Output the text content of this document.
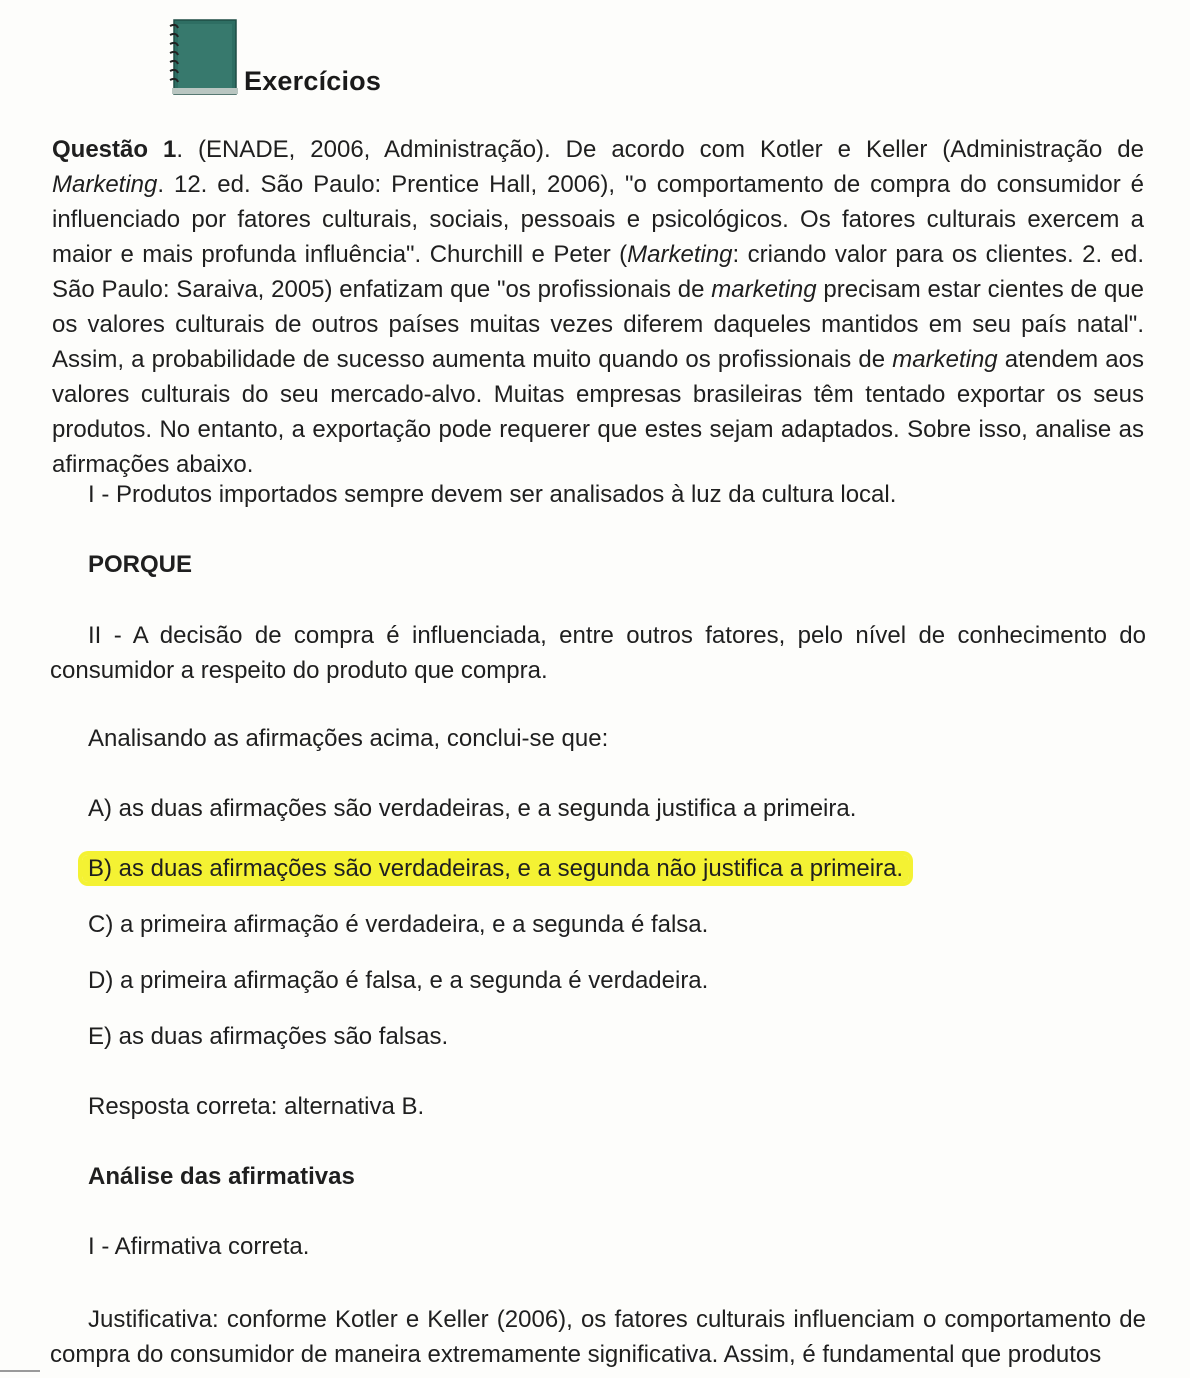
Exercícios

Questão 1. (ENADE, 2006, Administração). De acordo com Kotler e Keller (Administração de Marketing. 12. ed. São Paulo: Prentice Hall, 2006), "o comportamento de compra do consumidor é influenciado por fatores culturais, sociais, pessoais e psicológicos. Os fatores culturais exercem a maior e mais profunda influência". Churchill e Peter (Marketing: criando valor para os clientes. 2. ed. São Paulo: Saraiva, 2005) enfatizam que "os profissionais de marketing precisam estar cientes de que os valores culturais de outros países muitas vezes diferem daqueles mantidos em seu país natal". Assim, a probabilidade de sucesso aumenta muito quando os profissionais de marketing atendem aos valores culturais do seu mercado-alvo. Muitas empresas brasileiras têm tentado exportar os seus produtos. No entanto, a exportação pode requerer que estes sejam adaptados. Sobre isso, analise as afirmações abaixo.

I - Produtos importados sempre devem ser analisados à luz da cultura local.

PORQUE

II - A decisão de compra é influenciada, entre outros fatores, pelo nível de conhecimento do consumidor a respeito do produto que compra.

Analisando as afirmações acima, conclui-se que:

A) as duas afirmações são verdadeiras, e a segunda justifica a primeira.

B) as duas afirmações são verdadeiras, e a segunda não justifica a primeira.

C) a primeira afirmação é verdadeira, e a segunda é falsa.

D) a primeira afirmação é falsa, e a segunda é verdadeira.

E) as duas afirmações são falsas.

Resposta correta: alternativa B.

Análise das afirmativas

I - Afirmativa correta.

Justificativa: conforme Kotler e Keller (2006), os fatores culturais influenciam o comportamento de compra do consumidor de maneira extremamente significativa. Assim, é fundamental que produtos
